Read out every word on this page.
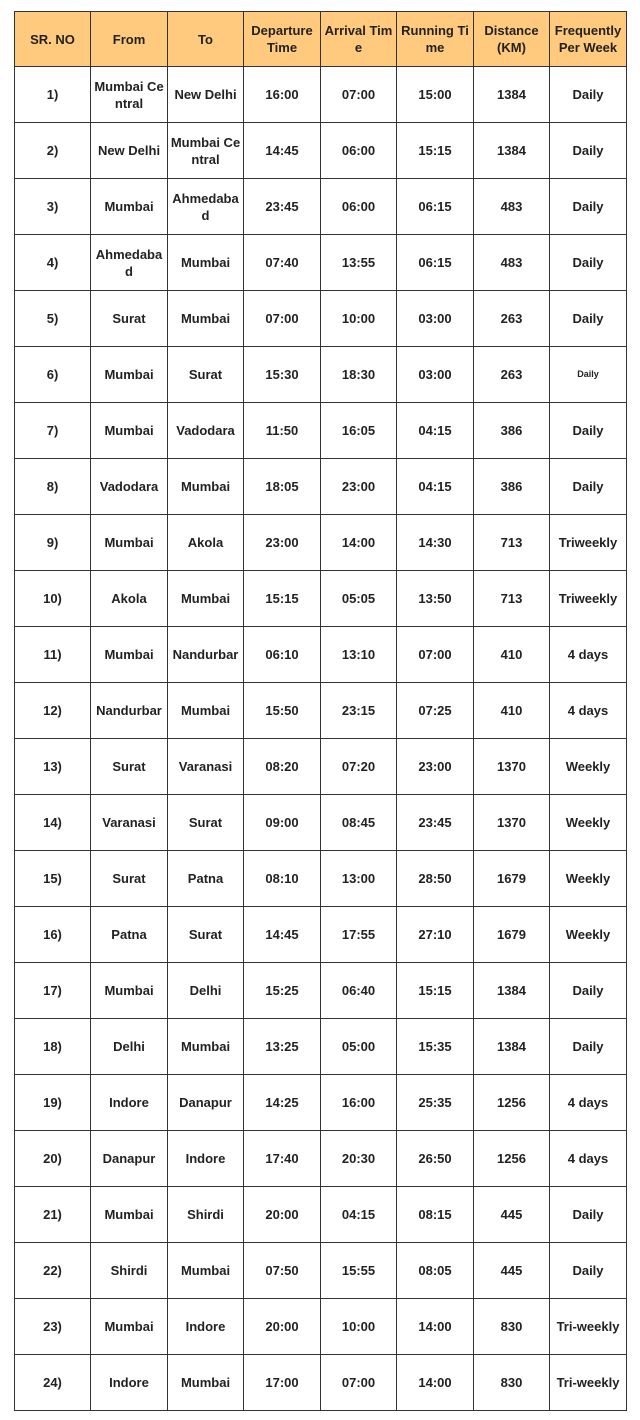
SR. NO	From	To	Departure Time	Arrival Time	Running Time	Distance (KM)	Frequently Per Week
1)	Mumbai Central	New Delhi	16:00	07:00	15:00	1384	Daily
2)	New Delhi	Mumbai Central	14:45	06:00	15:15	1384	Daily
3)	Mumbai	Ahmedabad	23:45	06:00	06:15	483	Daily
4)	Ahmedabad	Mumbai	07:40	13:55	06:15	483	Daily
5)	Surat	Mumbai	07:00	10:00	03:00	263	Daily
6)	Mumbai	Surat	15:30	18:30	03:00	263	Daily
7)	Mumbai	Vadodara	11:50	16:05	04:15	386	Daily
8)	Vadodara	Mumbai	18:05	23:00	04:15	386	Daily
9)	Mumbai	Akola	23:00	14:00	14:30	713	Triweekly
10)	Akola	Mumbai	15:15	05:05	13:50	713	Triweekly
11)	Mumbai	Nandurbar	06:10	13:10	07:00	410	4 days
12)	Nandurbar	Mumbai	15:50	23:15	07:25	410	4 days
13)	Surat	Varanasi	08:20	07:20	23:00	1370	Weekly
14)	Varanasi	Surat	09:00	08:45	23:45	1370	Weekly
15)	Surat	Patna	08:10	13:00	28:50	1679	Weekly
16)	Patna	Surat	14:45	17:55	27:10	1679	Weekly
17)	Mumbai	Delhi	15:25	06:40	15:15	1384	Daily
18)	Delhi	Mumbai	13:25	05:00	15:35	1384	Daily
19)	Indore	Danapur	14:25	16:00	25:35	1256	4 days
20)	Danapur	Indore	17:40	20:30	26:50	1256	4 days
21)	Mumbai	Shirdi	20:00	04:15	08:15	445	Daily
22)	Shirdi	Mumbai	07:50	15:55	08:05	445	Daily
23)	Mumbai	Indore	20:00	10:00	14:00	830	Tri-weekly
24)	Indore	Mumbai	17:00	07:00	14:00	830	Tri-weekly
